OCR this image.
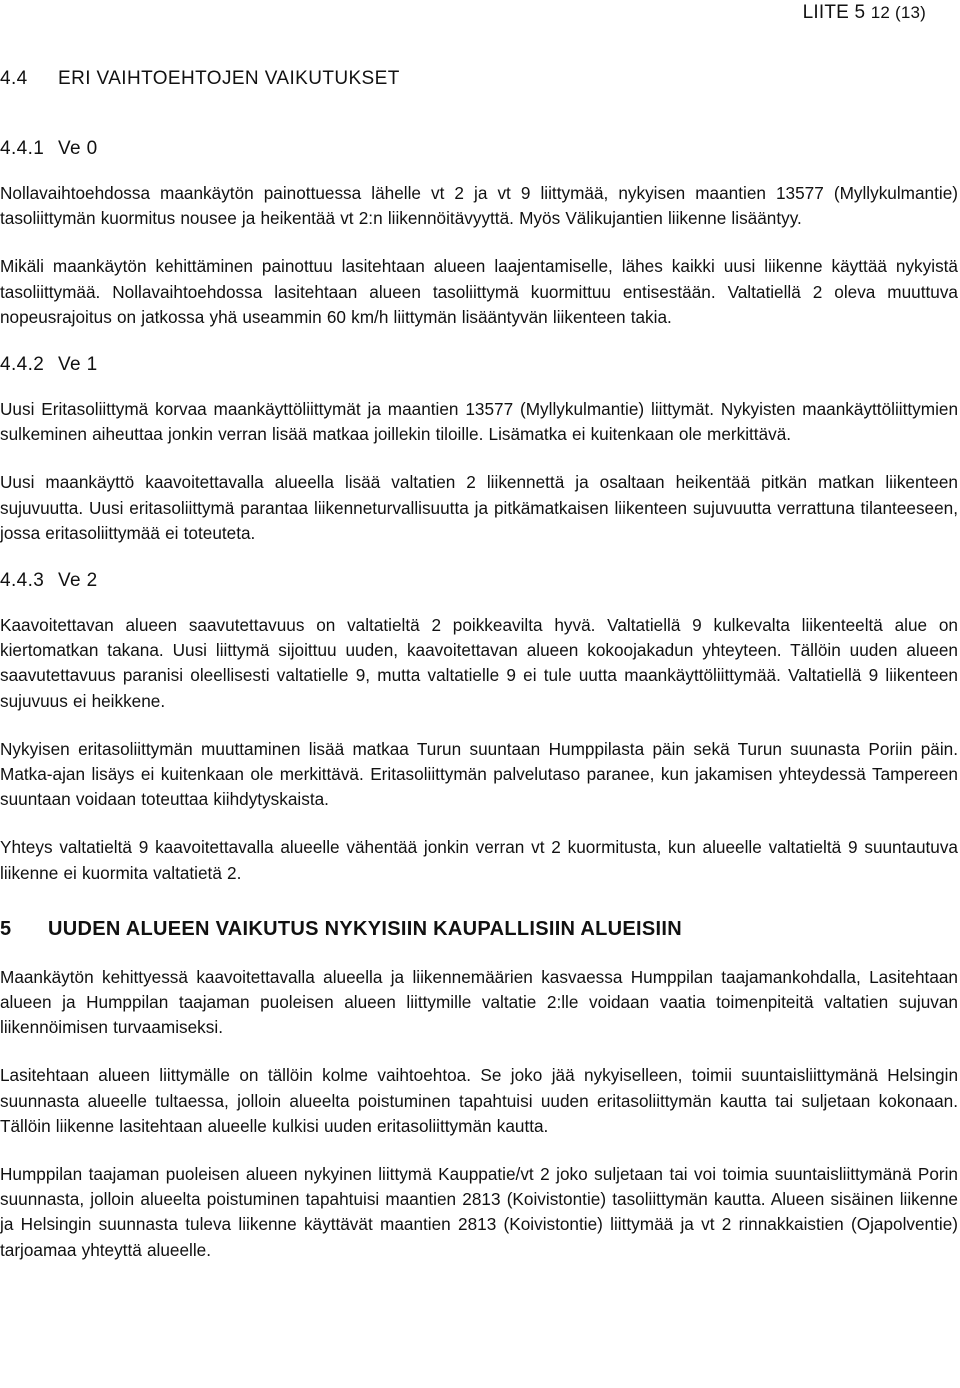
LIITE 5 12 (13)
4.4 ERI VAIHTOEHTOJEN VAIKUTUKSET
4.4.1 Ve 0

Nollavaihtoehdossa maankäytön painottuessa lähelle vt 2 ja vt 9 liittymää, nykyisen maantien 13577 (Myllykulmantie) tasoliittymän kuormitus nousee ja heikentää vt 2:n liikennöitävyyttä. Myös Välikujantien liikenne lisääntyy.

Mikäli maankäytön kehittäminen painottuu lasitehtaan alueen laajentamiselle, lähes kaikki uusi liikenne käyttää nykyistä tasoliittymää. Nollavaihtoehdossa lasitehtaan alueen tasoliittymä kuormittuu entisestään. Valtatiellä 2 oleva muuttuva nopeusrajoitus on jatkossa yhä useammin 60 km/h liittymän lisääntyvän liikenteen takia.

4.4.2 Ve 1

Uusi Eritasoliittymä korvaa maankäyttöliittymät ja maantien 13577 (Myllykulmantie) liittymät. Nykyisten maankäyttöliittymien sulkeminen aiheuttaa jonkin verran lisää matkaa joillekin tiloille. Lisämatka ei kuitenkaan ole merkittävä.

Uusi maankäyttö kaavoitettavalla alueella lisää valtatien 2 liikennettä ja osaltaan heikentää pitkän matkan liikenteen sujuvuutta. Uusi eritasoliittymä parantaa liikenneturvallisuutta ja pitkämatkaisen liikenteen sujuvuutta verrattuna tilanteeseen, jossa eritasoliittymää ei toteuteta.

4.4.3 Ve 2

Kaavoitettavan alueen saavutettavuus on valtatieltä 2 poikkeavilta hyvä. Valtatiellä 9 kulkevalta liikenteeltä alue on kiertomatkan takana. Uusi liittymä sijoittuu uuden, kaavoitettavan alueen kokoojakadun yhteyteen. Tällöin uuden alueen saavutettavuus paranisi oleellisesti valtatielle 9, mutta valtatielle 9 ei tule uutta maankäyttöliittymää. Valtatiellä 9 liikenteen sujuvuus ei heikkene.

Nykyisen eritasoliittymän muuttaminen lisää matkaa Turun suuntaan Humppilasta päin sekä Turun suunasta Poriin päin. Matka-ajan lisäys ei kuitenkaan ole merkittävä. Eritasoliittymän palvelutaso paranee, kun jakamisen yhteydessä Tampereen suuntaan voidaan toteuttaa kiihdytyskaista.

Yhteys valtatieltä 9 kaavoitettavalla alueelle vähentää jonkin verran vt 2 kuormitusta, kun alueelle valtatieltä 9 suuntautuva liikenne ei kuormita valtatietä 2.

5 UUDEN ALUEEN VAIKUTUS NYKYISIIN KAUPALLISIIN ALUEISIIN

Maankäytön kehittyessä kaavoitettavalla alueella ja liikennemäärien kasvaessa Humppilan taajamankohdalla, Lasitehtaan alueen ja Humppilan taajaman puoleisen alueen liittymille valtatie 2:lle voidaan vaatia toimenpiteitä valtatien sujuvan liikennöimisen turvaamiseksi.

Lasitehtaan alueen liittymälle on tällöin kolme vaihtoehtoa. Se joko jää nykyiselleen, toimii suuntaisliittymänä Helsingin suunnasta alueelle tultaessa, jolloin alueelta poistuminen tapahtuisi uuden eritasoliittymän kautta tai suljetaan kokonaan. Tällöin liikenne lasitehtaan alueelle kulkisi uuden eritasoliittymän kautta.

Humppilan taajaman puoleisen alueen nykyinen liittymä Kauppatie/vt 2 joko suljetaan tai voi toimia suuntaisliittymänä Porin suunnasta, jolloin alueelta poistuminen tapahtuisi maantien 2813 (Koivistontie) tasoliittymän kautta. Alueen sisäinen liikenne ja Helsingin suunnasta tuleva liikenne käyttävät maantien 2813 (Koivistontie) liittymää ja vt 2 rinnakkaistien (Ojapolventie) tarjoamaa yhteyttä alueelle.
